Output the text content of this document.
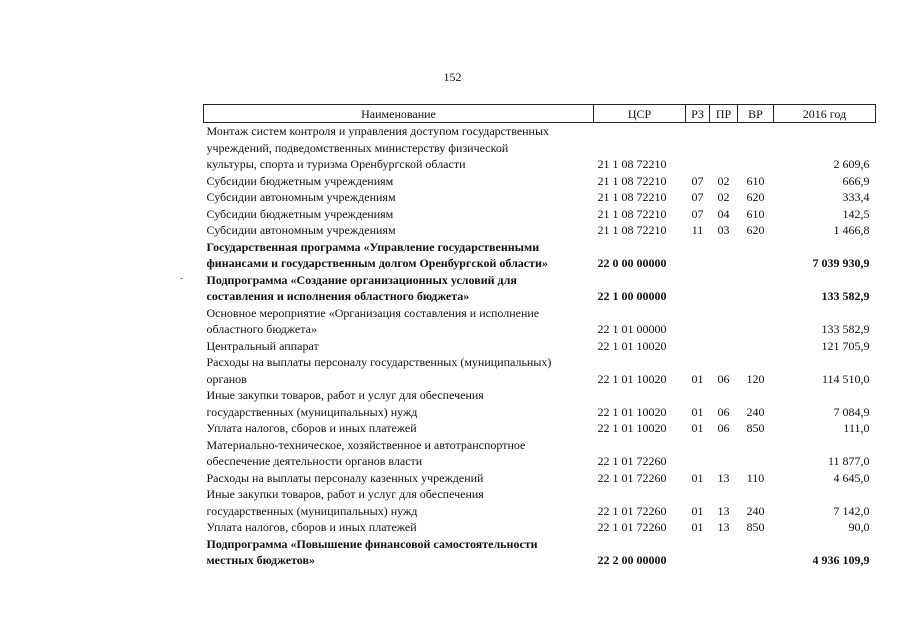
152
Наименование	ЦСР	РЗ	ПР	ВР	2016 год
Монтаж систем контроля и управления доступом государственных
учреждений, подведомственных министерству физической
культуры, спорта и туризма Оренбургской области	21 1 08 72210				2 609,6
Субсидии бюджетным учреждениям	21 1 08 72210	07	02	610	666,9
Субсидии автономным учреждениям	21 1 08 72210	07	02	620	333,4
Субсидии бюджетным учреждениям	21 1 08 72210	07	04	610	142,5
Субсидии автономным учреждениям	21 1 08 72210	11	03	620	1 466,8
Государственная программа «Управление государственными
финансами и государственным долгом Оренбургской области»	22 0 00 00000				7 039 930,9
Подпрограмма «Создание организационных условий для
составления и исполнения областного бюджета»	22 1 00 00000				133 582,9
Основное мероприятие «Организация составления и исполнение
областного бюджета»	22 1 01 00000				133 582,9
Центральный аппарат	22 1 01 10020				121 705,9
Расходы на выплаты персоналу государственных (муниципальных)
органов	22 1 01 10020	01	06	120	114 510,0
Иные закупки товаров, работ и услуг для обеспечения
государственных (муниципальных) нужд	22 1 01 10020	01	06	240	7 084,9
Уплата налогов, сборов и иных платежей	22 1 01 10020	01	06	850	111,0
Материально-техническое, хозяйственное и автотранспортное
обеспечение деятельности органов власти	22 1 01 72260				11 877,0
Расходы на выплаты персоналу казенных учреждений	22 1 01 72260	01	13	110	4 645,0
Иные закупки товаров, работ и услуг для обеспечения
государственных (муниципальных) нужд	22 1 01 72260	01	13	240	7 142,0
Уплата налогов, сборов и иных платежей	22 1 01 72260	01	13	850	90,0
Подпрограмма «Повышение финансовой самостоятельности
местных бюджетов»	22 2 00 00000				4 936 109,9
